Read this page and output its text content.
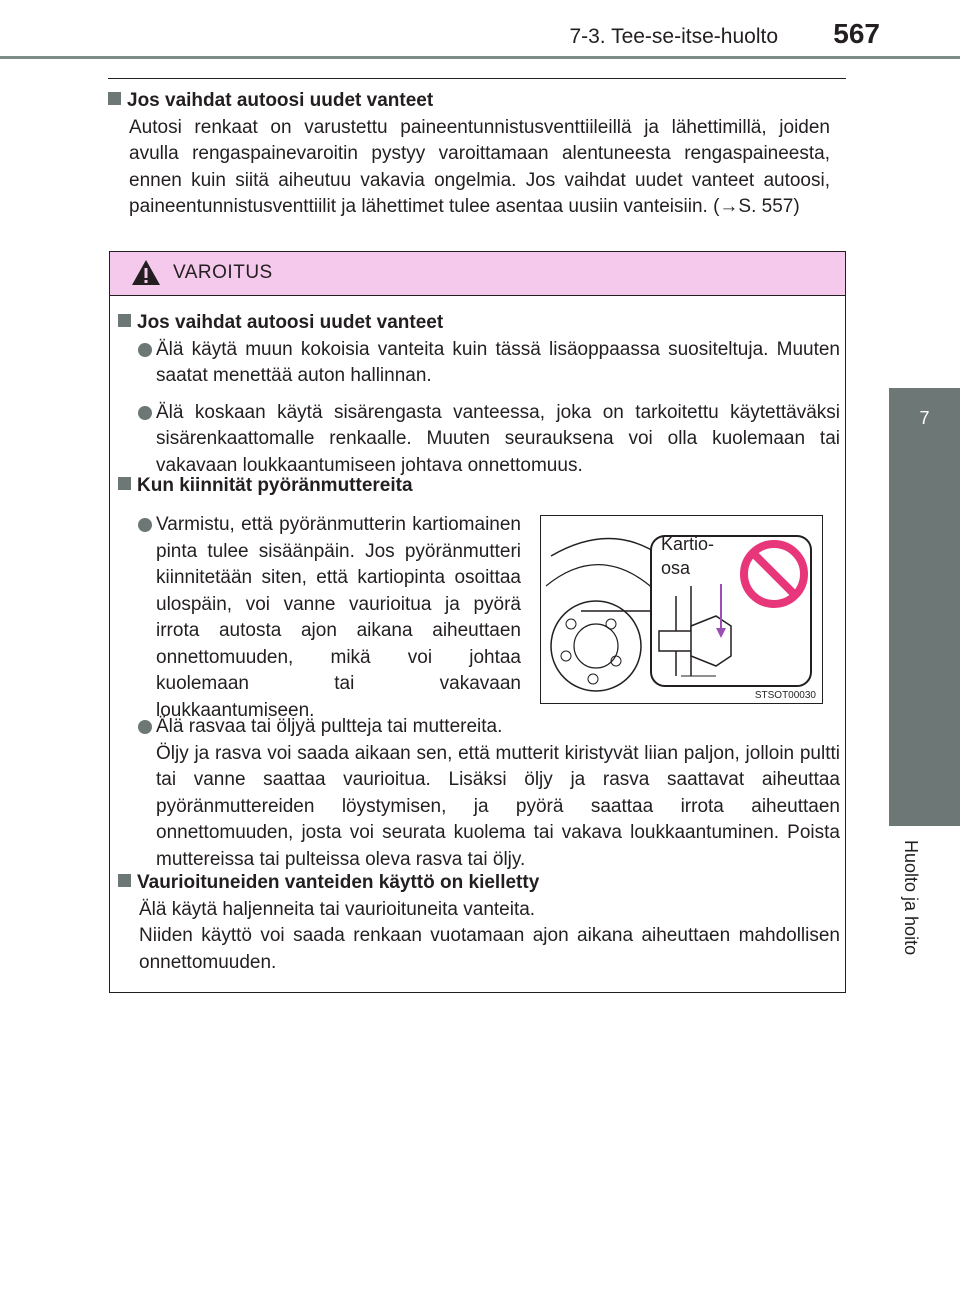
7-3. Tee-se-itse-huolto 567
7
Huolto ja hoito
Jos vaihdat autoosi uudet vanteet
Autosi renkaat on varustettu paineentunnistusventtiileillä ja lähettimillä, joiden avulla rengaspainevaroitin pystyy varoittamaan alentuneesta rengaspaineesta, ennen kuin siitä aiheutuu vakavia ongelmia. Jos vaihdat uudet vanteet autoosi, paineentunnistusventtiilit ja lähettimet tulee asentaa uusiin vanteisiin. (→S. 557)
VAROITUS
Jos vaihdat autoosi uudet vanteet
Älä käytä muun kokoisia vanteita kuin tässä lisäoppaassa suositeltuja. Muuten saatat menettää auton hallinnan.
Älä koskaan käytä sisärengasta vanteessa, joka on tarkoitettu käytettäväksi sisärenkaattomalle renkaalle. Muuten seurauksena voi olla kuolemaan tai vakavaan loukkaantumiseen johtava onnettomuus.
Kun kiinnität pyöränmuttereita
Varmistu, että pyöränmutterin kartiomainen pinta tulee sisäänpäin. Jos pyöränmutteri kiinnitetään siten, että kartiopinta osoittaa ulospäin, voi vanne vaurioitua ja pyörä irrota autosta ajon aikana aiheuttaen onnettomuuden, mikä voi johtaa kuolemaan tai vakavaan loukkaantumiseen.
Kartio-
osa
STSOT00030
Älä rasvaa tai öljyä pultteja tai muttereita.
Öljy ja rasva voi saada aikaan sen, että mutterit kiristyvät liian paljon, jolloin pultti tai vanne saattaa vaurioitua. Lisäksi öljy ja rasva saattavat aiheuttaa pyöränmuttereiden löystymisen, ja pyörä saattaa irrota aiheuttaen onnettomuuden, josta voi seurata kuolema tai vakava loukkaantuminen. Poista muttereissa tai pulteissa oleva rasva tai öljy.
Vaurioituneiden vanteiden käyttö on kielletty
Älä käytä haljenneita tai vaurioituneita vanteita.
Niiden käyttö voi saada renkaan vuotamaan ajon aikana aiheuttaen mahdollisen onnettomuuden.
